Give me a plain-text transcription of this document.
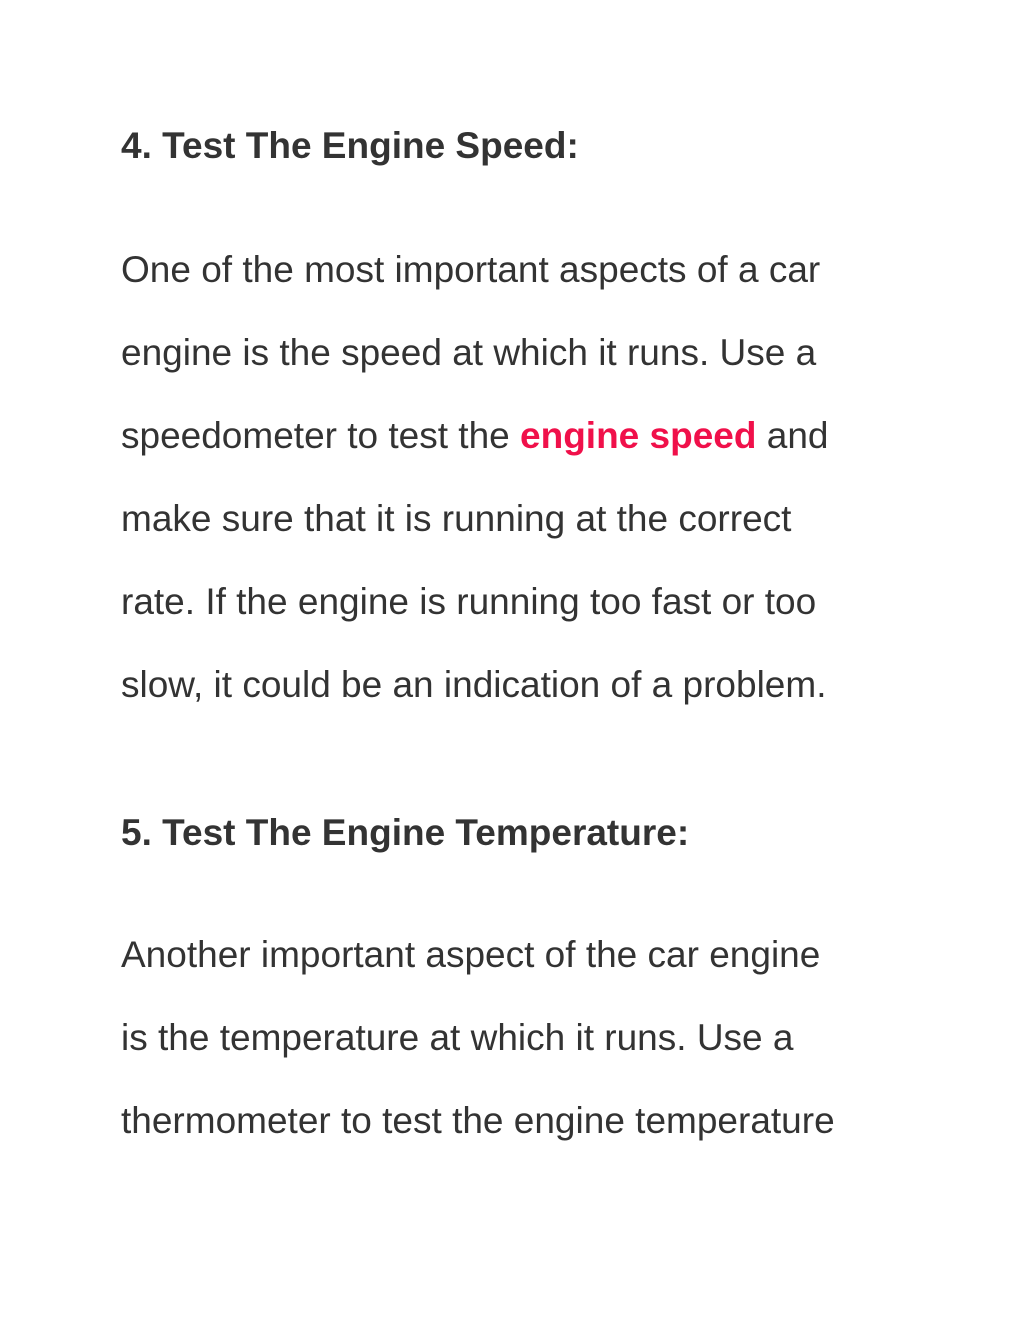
4. Test The Engine Speed:
One of the most important aspects of a car
engine is the speed at which it runs. Use a
speedometer to test the engine speed and
make sure that it is running at the correct
rate. If the engine is running too fast or too
slow, it could be an indication of a problem.
5. Test The Engine Temperature:
Another important aspect of the car engine
is the temperature at which it runs. Use a
thermometer to test the engine temperature
